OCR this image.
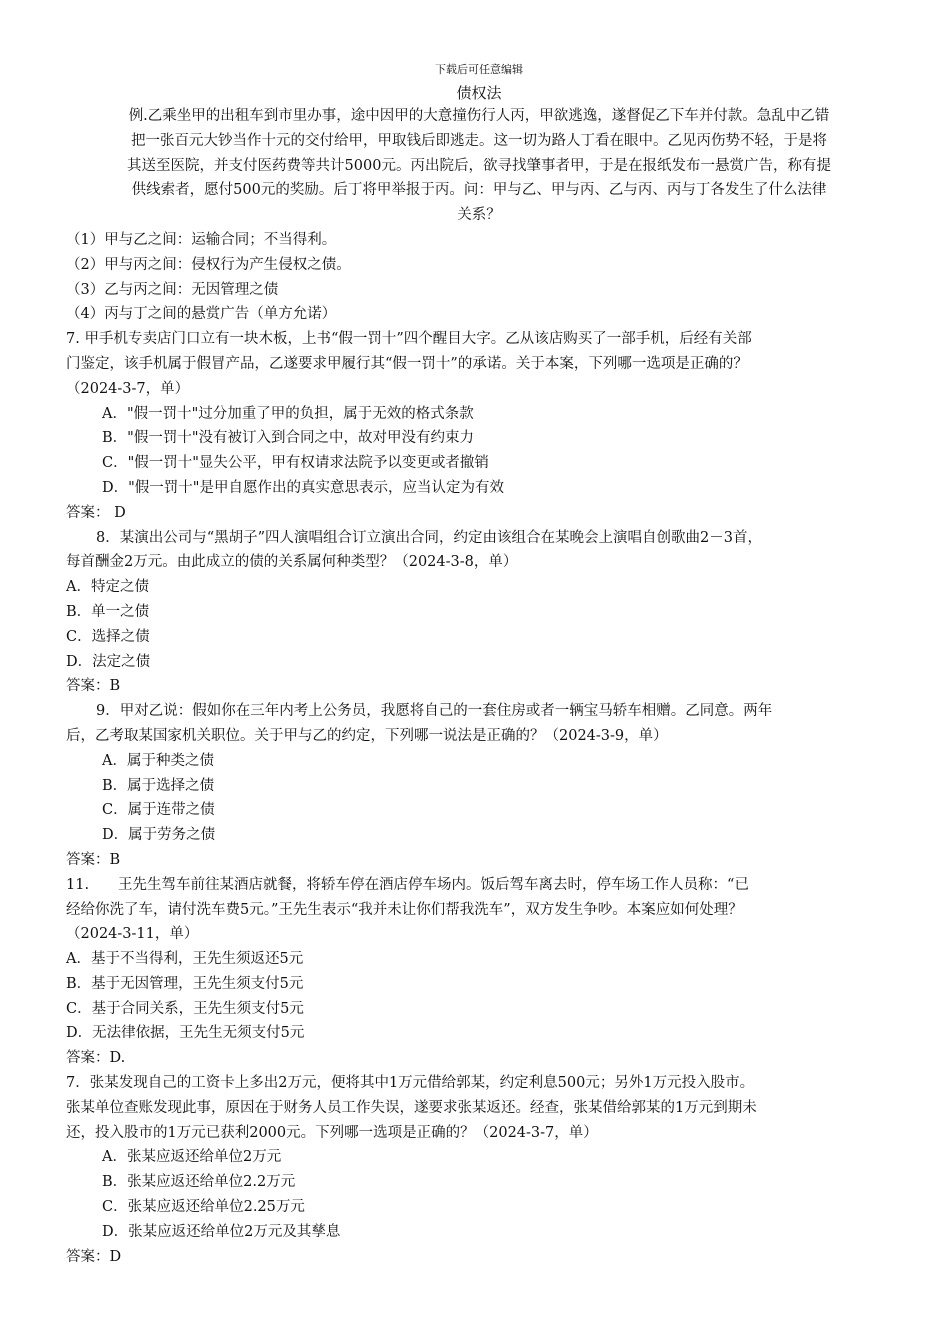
下载后可任意编辑
债权法
例.乙乘坐甲的出租车到市里办事，途中因甲的大意撞伤行人丙，甲欲逃逸，遂督促乙下车并付款。急乱中乙错
把一张百元大钞当作十元的交付给甲，甲取钱后即逃走。这一切为路人丁看在眼中。乙见丙伤势不轻，于是将
其送至医院，并支付医药费等共计5000元。丙出院后，欲寻找肇事者甲，于是在报纸发布一悬赏广告，称有提
供线索者，愿付500元的奖励。后丁将甲举报于丙。问：甲与乙、甲与丙、乙与丙、丙与丁各发生了什么法律
关系？
（1）甲与乙之间：运输合同；不当得利。
（2）甲与丙之间：侵权行为产生侵权之债。
（3）乙与丙之间：无因管理之债
（4）丙与丁之间的悬赏广告（单方允诺）
7. 甲手机专卖店门口立有一块木板，上书“假一罚十”四个醒目大字。乙从该店购买了一部手机，后经有关部
门鉴定，该手机属于假冒产品，乙遂要求甲履行其“假一罚十”的承诺。关于本案，下列哪一选项是正确的？
（2024-3-7，单）
A．"假一罚十"过分加重了甲的负担，属于无效的格式条款
B．"假一罚十"没有被订入到合同之中，故对甲没有约束力
C．"假一罚十"显失公平，甲有权请求法院予以变更或者撤销
D．"假一罚十"是甲自愿作出的真实意思表示，应当认定为有效
答案： D
8．某演出公司与“黑胡子”四人演唱组合订立演出合同，约定由该组合在某晚会上演唱自创歌曲2－3首，
每首酬金2万元。由此成立的债的关系属何种类型？（2024-3-8，单）
A．特定之债
B．单一之债
C．选择之债
D．法定之债
答案：B
9．甲对乙说：假如你在三年内考上公务员，我愿将自己的一套住房或者一辆宝马轿车相赠。乙同意。两年
后，乙考取某国家机关职位。关于甲与乙的约定，下列哪一说法是正确的？（2024-3-9，单）
A．属于种类之债
B．属于选择之债
C．属于连带之债
D．属于劳务之债
答案：B
11.　　王先生驾车前往某酒店就餐，将轿车停在酒店停车场内。饭后驾车离去时，停车场工作人员称：“已
经给你洗了车，请付洗车费5元。”王先生表示“我并未让你们帮我洗车”，双方发生争吵。本案应如何处理？
（2024-3-11，单）
A．基于不当得利，王先生须返还5元
B．基于无因管理，王先生须支付5元
C．基于合同关系，王先生须支付5元
D．无法律依据，王先生无须支付5元
答案：D.
7．张某发现自己的工资卡上多出2万元，便将其中1万元借给郭某，约定利息500元；另外1万元投入股市。
张某单位查账发现此事，原因在于财务人员工作失误，遂要求张某返还。经查，张某借给郭某的1万元到期未
还，投入股市的1万元已获利2000元。下列哪一选项是正确的？（2024-3-7，单）
A．张某应返还给单位2万元
B．张某应返还给单位2.2万元
C．张某应返还给单位2.25万元
D．张某应返还给单位2万元及其孳息
答案：D
